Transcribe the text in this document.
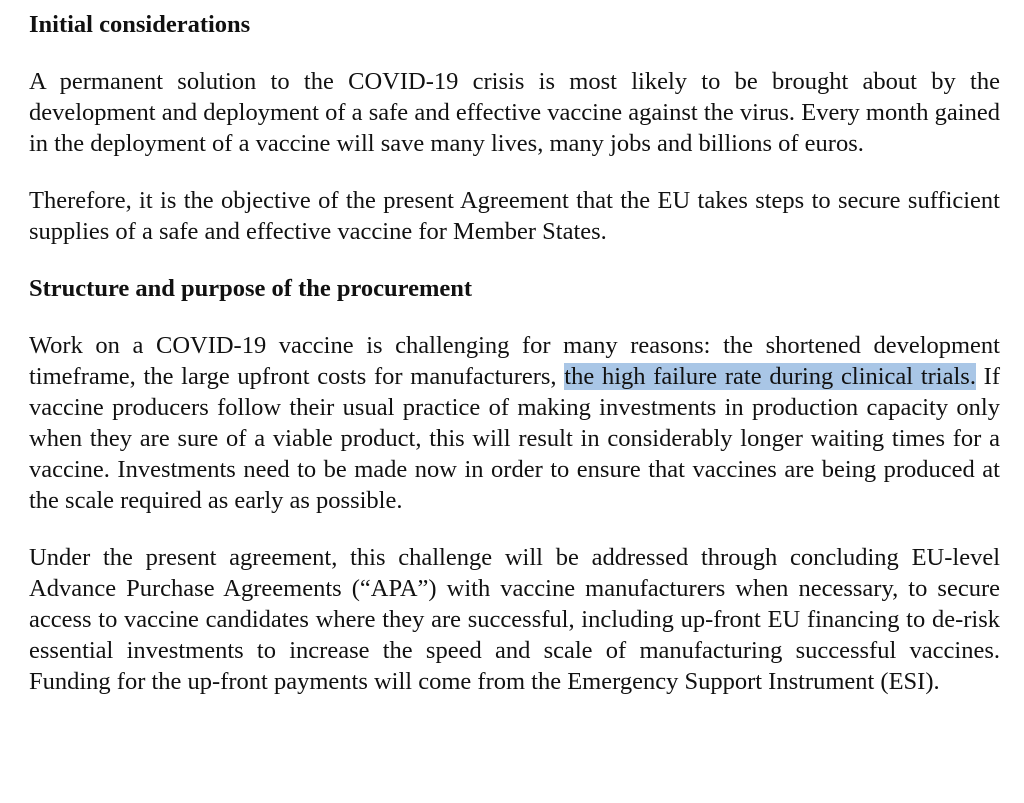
Initial considerations

A permanent solution to the COVID-19 crisis is most likely to be brought about by the development and deployment of a safe and effective vaccine against the virus. Every month gained in the deployment of a vaccine will save many lives, many jobs and billions of euros.

Therefore, it is the objective of the present Agreement that the EU takes steps to secure sufficient supplies of a safe and effective vaccine for Member States.

Structure and purpose of the procurement

Work on a COVID-19 vaccine is challenging for many reasons: the shortened development timeframe, the large upfront costs for manufacturers, the high failure rate during clinical trials. If vaccine producers follow their usual practice of making investments in production capacity only when they are sure of a viable product, this will result in considerably longer waiting times for a vaccine. Investments need to be made now in order to ensure that vaccines are being produced at the scale required as early as possible.

Under the present agreement, this challenge will be addressed through concluding EU-level Advance Purchase Agreements (“APA”) with vaccine manufacturers when necessary, to secure access to vaccine candidates where they are successful, including up-front EU financing to de-risk essential investments to increase the speed and scale of manufacturing successful vaccines. Funding for the up-front payments will come from the Emergency Support Instrument (ESI).
